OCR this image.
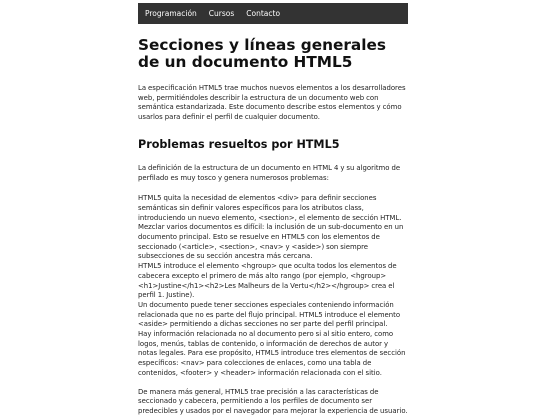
Programación Cursos Contacto
Secciones y líneas generales de un documento HTML5

La especificación HTML5 trae muchos nuevos elementos a los desarrolladores web, permitiéndoles describir la estructura de un documento web con semántica estandarizada. Este documento describe estos elementos y cómo usarlos para definir el perfil de cualquier documento.

Problemas resueltos por HTML5

La definición de la estructura de un documento en HTML 4 y su algoritmo de perfilado es muy tosco y genera numerosos problemas:

HTML5 quita la necesidad de elementos <div> para definir secciones semánticas sin definir valores específicos para los atributos class, introduciendo un nuevo elemento, <section>, el elemento de sección HTML.

Mezclar varios documentos es difícil: la inclusión de un sub-documento en un documento principal. Esto se resuelve en HTML5 con los elementos de seccionado (<article>, <section>, <nav> y <aside>) son siempre subsecciones de su sección ancestra más cercana.

HTML5 introduce el elemento <hgroup> que oculta todos los elementos de cabecera excepto el primero de más alto rango (por ejemplo, <hgroup><h1>Justine</h1><h2>Les Malheurs de la Vertu</h2></hgroup> crea el perfil 1. Justine).

Un documento puede tener secciones especiales conteniendo información relacionada que no es parte del flujo principal. HTML5 introduce el elemento <aside> permitiendo a dichas secciones no ser parte del perfil principal.

Hay información relacionada no al documento pero si al sitio entero, como logos, menús, tablas de contenido, o información de derechos de autor y notas legales. Para ese propósito, HTML5 introduce tres elementos de sección específicos: <nav> para colecciones de enlaces, como una tabla de contenidos, <footer> y <header> información relacionada con el sitio.

De manera más general, HTML5 trae precisión a las características de seccionado y cabecera, permitiendo a los perfiles de documento ser predecibles y usados por el navegador para mejorar la experiencia de usuario.
